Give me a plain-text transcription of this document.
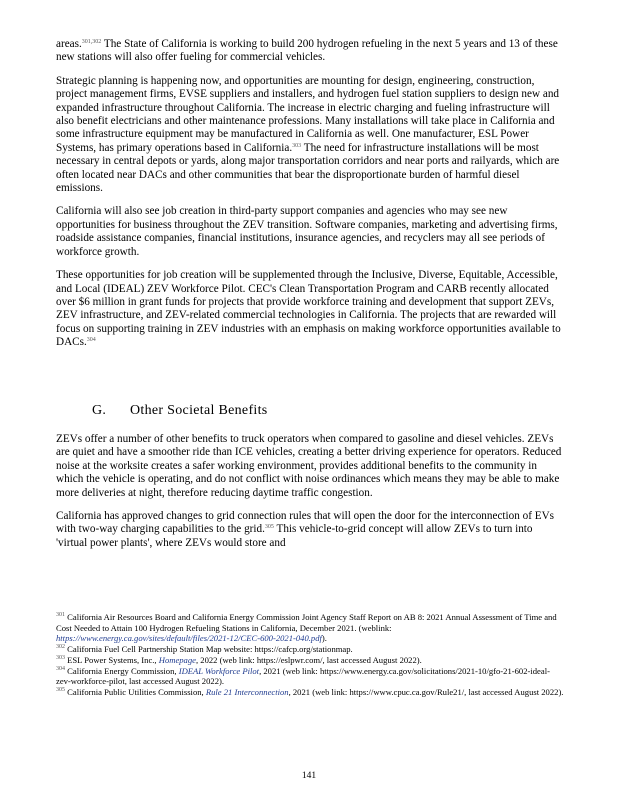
areas.$^{301,302}$ The State of California is working to build 200 hydrogen refueling in the next 5 years and 13 of these new stations will also offer fueling for commercial vehicles.

Strategic planning is happening now, and opportunities are mounting for design, engineering, construction, project management firms, EVSE suppliers and installers, and hydrogen fuel station suppliers to design new and expanded infrastructure throughout California. The increase in electric charging and fueling infrastructure will also benefit electricians and other maintenance professions. Many installations will take place in California and some infrastructure equipment may be manufactured in California as well. One manufacturer, ESL Power Systems, has primary operations based in California.$^{303}$ The need for infrastructure installations will be most necessary in central depots or yards, along major transportation corridors and near ports and railyards, which are often located near DACs and other communities that bear the disproportionate burden of harmful diesel emissions.

California will also see job creation in third-party support companies and agencies who may see new opportunities for business throughout the ZEV transition. Software companies, marketing and advertising firms, roadside assistance companies, financial institutions, insurance agencies, and recyclers may all see periods of workforce growth.

These opportunities for job creation will be supplemented through the Inclusive, Diverse, Equitable, Accessible, and Local (IDEAL) ZEV Workforce Pilot. CEC's Clean Transportation Program and CARB recently allocated over $6 million in grant funds for projects that provide workforce training and development that support ZEVs, ZEV infrastructure, and ZEV-related commercial technologies in California. The projects that are rewarded will focus on supporting training in ZEV industries with an emphasis on making workforce opportunities available to DACs.$^{304}$

G. Other Societal Benefits

ZEVs offer a number of other benefits to truck operators when compared to gasoline and diesel vehicles. ZEVs are quiet and have a smoother ride than ICE vehicles, creating a better driving experience for operators. Reduced noise at the worksite creates a safer working environment, provides additional benefits to the community in which the vehicle is operating, and do not conflict with noise ordinances which means they may be able to make more deliveries at night, therefore reducing daytime traffic congestion.

California has approved changes to grid connection rules that will open the door for the interconnection of EVs with two-way charging capabilities to the grid.$^{305}$ This vehicle-to-grid concept will allow ZEVs to turn into 'virtual power plants', where ZEVs would store and

$^{301}$ California Air Resources Board and California Energy Commission Joint Agency Staff Report on AB 8: 2021 Annual Assessment of Time and Cost Needed to Attain 100 Hydrogen Refueling Stations in California, December 2021. (weblink: https://www.energy.ca.gov/sites/default/files/2021-12/CEC-600-2021-040.pdf).

$^{302}$ California Fuel Cell Partnership Station Map website: https://cafcp.org/stationmap.

$^{303}$ ESL Power Systems, Inc., Homepage, 2022 (web link: https://eslpwr.com/, last accessed August 2022).

$^{304}$ California Energy Commission, IDEAL Workforce Pilot, 2021 (web link: https://www.energy.ca.gov/solicitations/2021-10/gfo-21-602-ideal-zev-workforce-pilot, last accessed August 2022).

$^{305}$ California Public Utilities Commission, Rule 21 Interconnection, 2021 (web link: https://www.cpuc.ca.gov/Rule21/, last accessed August 2022).

141
